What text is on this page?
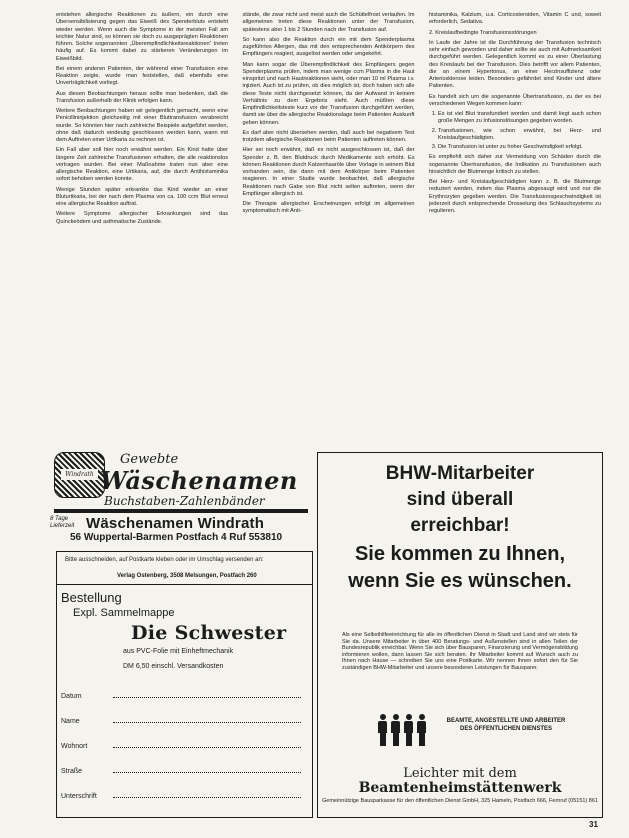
entstehen allergische Reaktionen zu äußern, ein durch eine Übersensibilisierung gegen das Eiweiß des Spenderbluts entsteht wieder werden. Wenn auch die Symptome in der meisten Fall am leichter Natur sind, so können sie doch zu ausgeprägten Reaktionen führen. Solche sogenannten „Überempfindlichkeitsreaktionen“ treten häufig auf. Es kommt dabei zu stärkeren Veränderungen im Eiweißbild.

Bei einem anderen Patienten, der während einer Transfusion eine Reaktion zeigte, wurde man feststellen, daß ebenfalls eine Unverträglichkeit vorliegt.

Aus diesen Beobachtungen heraus sollte man bedenken, daß die Transfusion außerhalb der Klinik erfolgen kann.

Weitere Beobachtungen haben wir gelegentlich gemacht, wenn eine Penicillininjektion gleichzeitig mit einer Bluttransfusion verabreicht wurde. So könnten hier nach zahlreiche Beispiele aufgeführt werden, ohne daß dadurch eindeutig geschlossen werden kann, wann mit dem Auftreten einer Urtikaria zu rechnen ist.

Ein Fall aber soll hier noch erwähnt werden. Ein Kind hatte über längere Zeit zahlreiche Transfusionen erhalten, die alle reaktionslos vertragen wurden. Bei einer Maßnahme traten nun aber eine allergische Reaktion, eine Urtikaria, auf, die durch Antihistaminika sofort behoben werden konnte.

Wenige Stunden später erkrankte das Kind wieder an einer Bluturtikaria, bei der nach dem Plasma von ca. 100 ccm Blut erneut eine allergische Reaktion auftrat.

Weitere Symptome allergischer Erkrankungen sind das Quinckeödem und asthmatische Zustände.

stände, die zwar nicht und meist auch die Schüttelfrost verlaufen. Im allgemeinen treten diese Reaktionen unter der Transfusion, spätestens aber 1 bis 2 Stunden nach der Transfusion auf.

So kann also die Reaktion durch ein mit dem Spenderplasma zugeführtes Allergen, das mit den entsprechenden Antikörpern des Empfängers reagiert, ausgelöst werden oder umgekehrt.

Man kann sogar die Überempfindlichkeit des Empfängers gegen Spenderplasma prüfen, indem man wenige ccm Plasma in die Haut einspritzt und nach Hautreaktionen sieht, oder man 10 ml Plasma i.v. injiziert. Auch ist zu prüfen, ob dies möglich ist, doch haben sich alle diese Teste nicht durchgesetzt können, da der Aufwand in keinem Verhältnis zu dem Ergebnis steht. Auch müßten diese Empfindlichkeitsteste kurz vor der Transfusion durchgeführt werden, damit sie über die allergische Reaktionslage beim Patienten Auskunft geben können.

Es darf aber nicht übersehen werden, daß auch bei negativem Test trotzdem allergische Reaktionen beim Patienten auftreten können.

Hier sei noch erwähnt, daß es nicht ausgeschlossen ist, daß der Spender z. B. den Blutdruck durch Medikamente sich erhöht. Es können Reaktionen durch Katzenhaaröle über Vorlage in seinem Blut vorhanden sein, die dann mit dem Antikörper beim Patienten reagieren. In einer Studie wurde beobachtet, daß allergische Reaktionen nach Gabe von Blut nicht selten auftreten, wenn der Empfänger allergisch ist.

Die Therapie allergischer Erscheinungen erfolgt im allgemeinen symptomatisch mit Anti-

histaminika, Kalzium, u.a. Corticosteroiden, Vitamin C und, soweit erforderlich, Sedativa.

2. Kreislaufbedingte Transfusionsstörungen

In Laufe der Jahre ist die Durchführung der Transfusion technisch sehr einfach geworden und daher sollte sie auch mit Aufmerksamkeit durchgeführt werden. Gelegentlich kommt es zu einer Überlastung des Kreislaufs bei der Transfusion. Dies betrifft vor allem Patienten, die an einem Hypertonus, an einer Herzinsuffizienz oder Arteriosklerose leiden. Besonders gefährdet sind Kinder und ältere Patienten.

Es handelt sich um die sogenannte Übertransfusion, zu der es bei verschiedenen Wegen kommen kann:

1. Es ist viel Blut transfundiert worden und damit liegt auch schon große Mengen zu Infusionslösungen gegeben worden.
2. Transfusionen, wie schon erwähnt, bei Herz- und Kreislaufgeschädigten.
3. Die Transfusion ist unter zu hoher Geschwindigkeit erfolgt.

Es empfiehlt sich daher zur Vermeidung von Schäden durch die sogenannte Übertransfusion, die Indikation zu Transfusionen auch hinsichtlich der Blutmenge kritisch zu stellen.

Bei Herz- und Kreislaufgeschädigten kann z. B. die Blutmenge reduziert werden, indem das Plasma abgesaugt wird und nur die Erythrozyten gegeben werden. Die Transfusionsgeschwindigkeit ist jederzeit durch entsprechende Drosselung des Schlauchsystems zu regulieren.

Windrath
Gewebte
Wäschenamen
Buchstaben-Zahlenbänder
8 Tage
Lieferzeit Wäschenamen Windrath
56 Wuppertal-Barmen Postfach 4 Ruf 553810
Bitte ausschneiden, auf Postkarte kleben oder im Umschlag versenden an:
Verlag Ostenberg, 3508 Melsungen, Postfach 260
Bestellung
Expl. Sammelmappe
Die Schwester
aus PVC-Folie mit Einheftmechanik
DM 6,50 einschl. Versandkosten
Datum
Name
Wohnort
Straße
Unterschrift
BHW-Mitarbeiter
sind überall
erreichbar!
Sie kommen zu Ihnen,
wenn Sie es wünschen.
Als eine Selbsthilfeeinrichtung für alle im öffentlichen Dienst in Stadt und Land sind wir stets für Sie da. Unsere Mitarbeiter in über 400 Beratungs- und Außenstellen sind in allen Teilen der Bundesrepublik erreichbar. Wenn Sie sich über Bausparen, Finanzierung und Vermögensbildung informieren wollen, dann lassen Sie sich beraten. Ihr Mitarbeiter kommt auf Wunsch auch zu Ihnen nach Hause — schreiben Sie uns eine Postkarte. Wir nennen Ihnen sofort den für Sie zuständigen BHW-Mitarbeiter und unsere besonderen Leistungen für Bausparer.
BEAMTE, ANGESTELLTE UND ARBEITER DES ÖFFENTLICHEN DIENSTES
Leichter mit dem
Beamtenheimstättenwerk
Gemeinnützige Bausparkasse für den öffentlichen Dienst GmbH, 325 Hameln, Postfach 666, Fernruf (05151) 861
31
